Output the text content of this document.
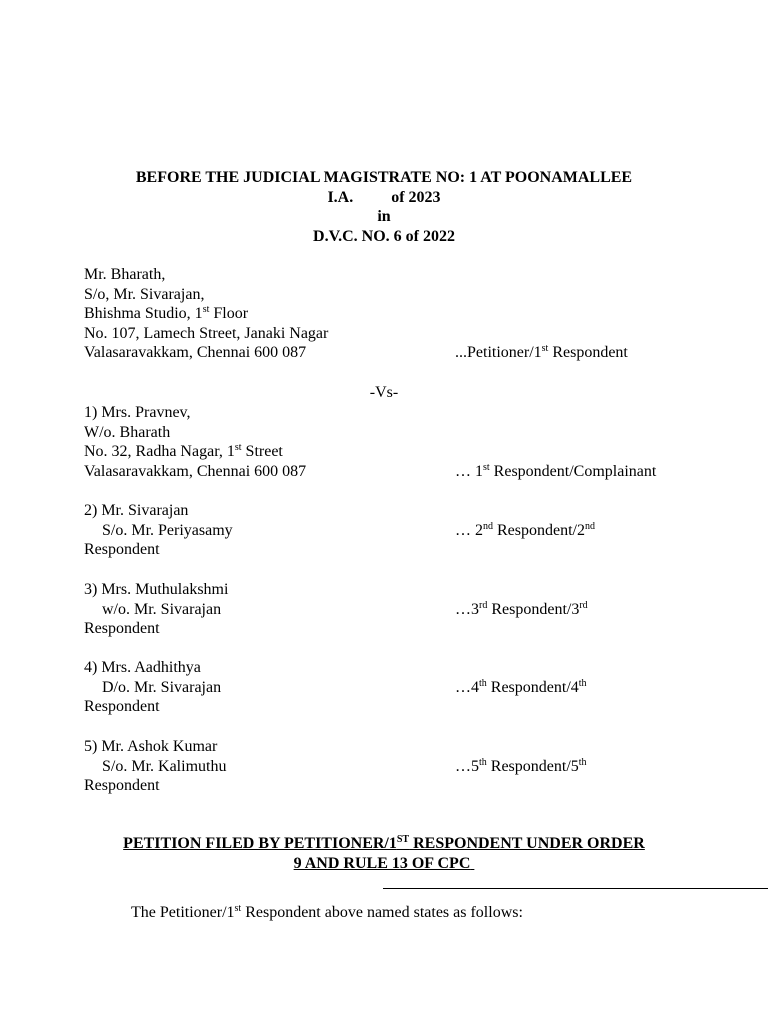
BEFORE THE JUDICIAL MAGISTRATE NO: 1 AT POONAMALLEE
I.A. of 2023
in
D.V.C. NO. 6 of 2022
Mr. Bharath,
S/o, Mr. Sivarajan,
Bhishma Studio, 1st Floor
No. 107, Lamech Street, Janaki Nagar
Valasaravakkam, Chennai 600 087	...Petitioner/1st Respondent
-Vs-
1) Mrs. Pravnev,
W/o. Bharath
No. 32, Radha Nagar, 1st Street
Valasaravakkam, Chennai 600 087	… 1st Respondent/Complainant
2) Mr. Sivarajan
S/o. Mr. Periyasamy	… 2nd Respondent/2nd
Respondent
3) Mrs. Muthulakshmi
w/o. Mr. Sivarajan	…3rd Respondent/3rd
Respondent
4) Mrs. Aadhithya
D/o. Mr. Sivarajan	…4th Respondent/4th
Respondent
5) Mr. Ashok Kumar
S/o. Mr. Kalimuthu	…5th Respondent/5th
Respondent
PETITION FILED BY PETITIONER/1ST RESPONDENT UNDER ORDER
9 AND RULE 13 OF CPC
The Petitioner/1st Respondent above named states as follows:
